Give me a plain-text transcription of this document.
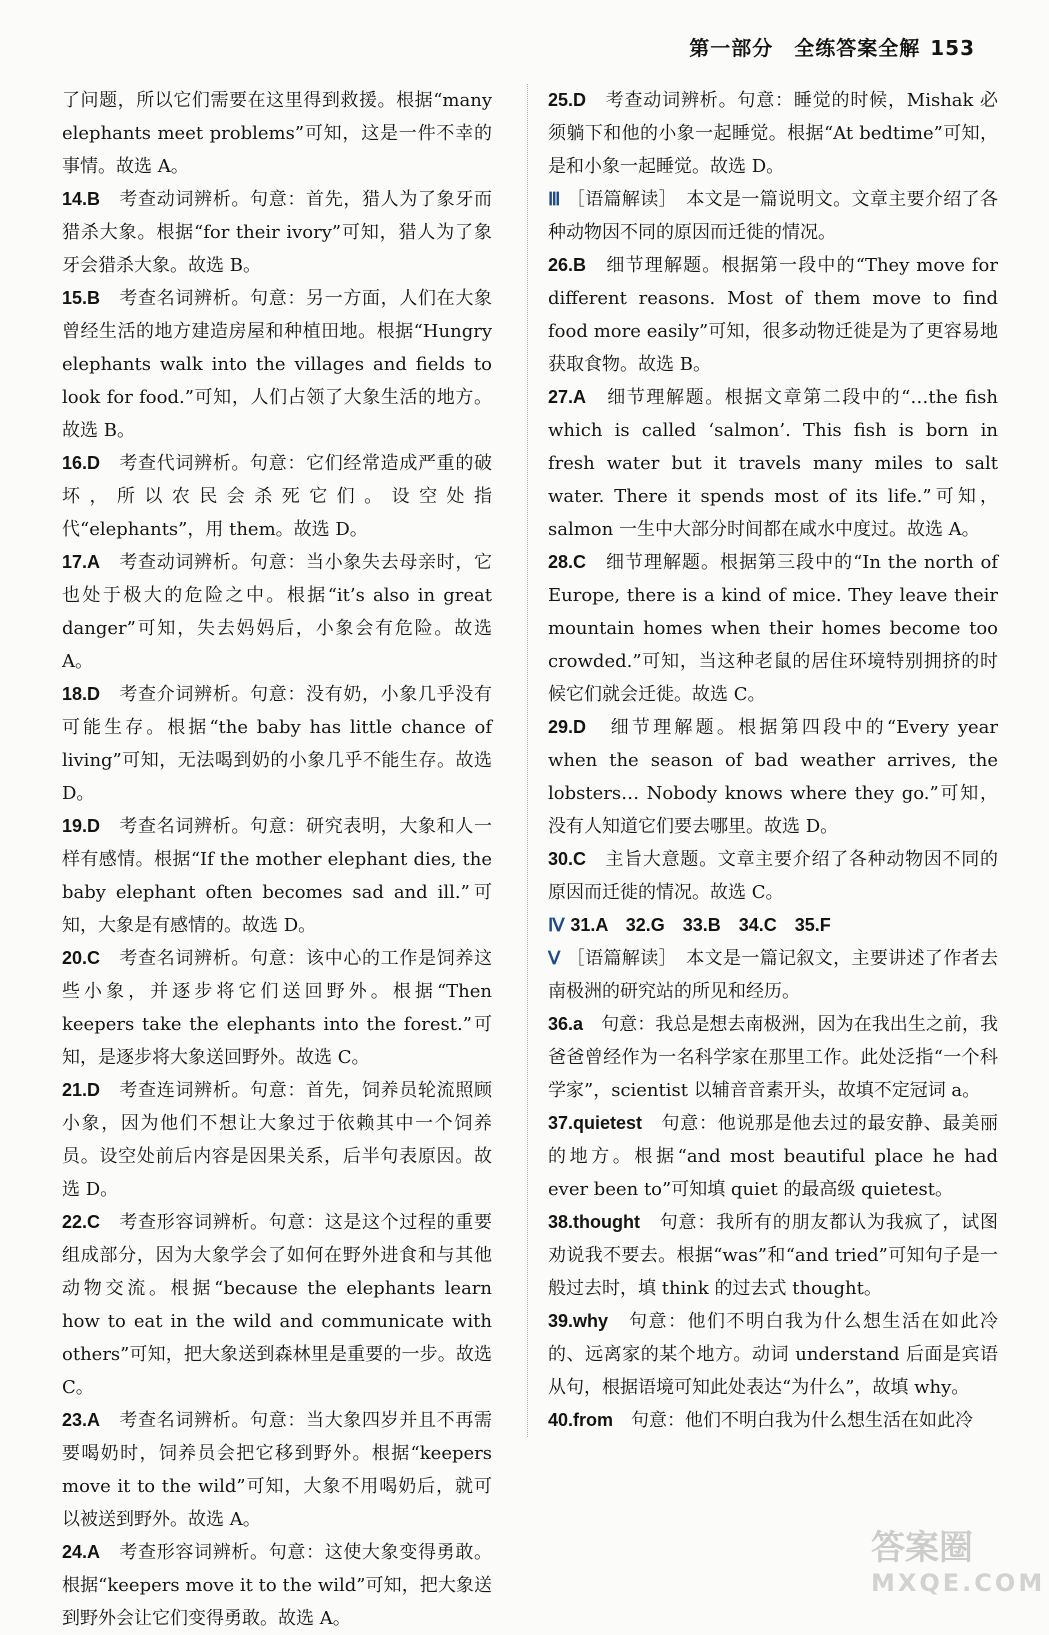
第一部分　全练答案全解 153

了问题，所以它们需要在这里得到救援。根据“many elephants meet problems”可知，这是一件不幸的事情。故选 A。

14.B　 考查动词辨析。句意：首先，猎人为了象牙而猎杀大象。根据“for their ivory”可知，猎人为了象牙会猎杀大象。故选 B。

15.B　 考查名词辨析。句意：另一方面，人们在大象曾经生活的地方建造房屋和种植田地。根据“Hungry elephants walk into the villages and fields to look for food.”可知，人们占领了大象生活的地方。故选 B。

16.D　 考查代词辨析。句意：它们经常造成严重的破坏，所以农民会杀死它们。设空处指代“elephants”，用 them。故选 D。

17.A　 考查动词辨析。句意：当小象失去母亲时，它也处于极大的危险之中。根据“it’s also in great danger”可知，失去妈妈后，小象会有危险。故选 A。

18.D　 考查介词辨析。句意：没有奶，小象几乎没有可能生存。根据“the baby has little chance of living”可知，无法喝到奶的小象几乎不能生存。故选 D。

19.D　 考查名词辨析。句意：研究表明，大象和人一样有感情。根据“If the mother elephant dies, the baby elephant often becomes sad and ill.”可知，大象是有感情的。故选 D。

20.C　 考查名词辨析。句意：该中心的工作是饲养这些小象，并逐步将它们送回野外。根据“Then keepers take the elephants into the forest.”可知，是逐步将大象送回野外。故选 C。

21.D　 考查连词辨析。句意：首先，饲养员轮流照顾小象，因为他们不想让大象过于依赖其中一个饲养员。设空处前后内容是因果关系，后半句表原因。故选 D。

22.C　 考查形容词辨析。句意：这是这个过程的重要组成部分，因为大象学会了如何在野外进食和与其他动物交流。根据“because the elephants learn how to eat in the wild and communicate with others”可知，把大象送到森林里是重要的一步。故选 C。

23.A　 考查名词辨析。句意：当大象四岁并且不再需要喝奶时，饲养员会把它移到野外。根据“keepers move it to the wild”可知，大象不用喝奶后，就可以被送到野外。故选 A。

24.A　 考查形容词辨析。句意：这使大象变得勇敢。根据“keepers move it to the wild”可知，把大象送到野外会让它们变得勇敢。故选 A。

25.D　 考查动词辨析。句意：睡觉的时候，Mishak 必须躺下和他的小象一起睡觉。根据“At bedtime”可知，是和小象一起睡觉。故选 D。

Ⅲ ［语篇解读］　本文是一篇说明文。文章主要介绍了各种动物因不同的原因而迁徙的情况。

26.B　 细节理解题。根据第一段中的“They move for different reasons. Most of them move to find food more easily”可知，很多动物迁徙是为了更容易地获取食物。故选 B。

27.A　 细节理解题。根据文章第二段中的“…the fish which is called ‘salmon’. This fish is born in fresh water but it travels many miles to salt water. There it spends most of its life.”可知，salmon 一生中大部分时间都在咸水中度过。故选 A。

28.C　 细节理解题。根据第三段中的“In the north of Europe, there is a kind of mice. They leave their mountain homes when their homes become too crowded.”可知，当这种老鼠的居住环境特别拥挤的时候它们就会迁徙。故选 C。

29.D　 细节理解题。根据第四段中的“Every year when the season of bad weather arrives, the lobsters… Nobody knows where they go.”可知，没有人知道它们要去哪里。故选 D。

30.C　 主旨大意题。文章主要介绍了各种动物因不同的原因而迁徙的情况。故选 C。

Ⅳ 31.A　32.G　33.B　34.C　35.F

Ⅴ ［语篇解读］　本文是一篇记叙文，主要讲述了作者去南极洲的研究站的所见和经历。

36.a　 句意：我总是想去南极洲，因为在我出生之前，我爸爸曾经作为一名科学家在那里工作。此处泛指“一个科学家”，scientist 以辅音音素开头，故填不定冠词 a。

37.quietest　 句意：他说那是他去过的最安静、最美丽的地方。根据“and most beautiful place he had ever been to”可知填 quiet 的最高级 quietest。

38.thought　 句意：我所有的朋友都认为我疯了，试图劝说我不要去。根据“was”和“and tried”可知句子是一般过去时，填 think 的过去式 thought。

39.why　 句意：他们不明白我为什么想生活在如此冷的、远离家的某个地方。动词 understand 后面是宾语从句，根据语境可知此处表达“为什么”，故填 why。

40.from　 句意：他们不明白我为什么想生活在如此冷

答案圈
MXQE.COM
